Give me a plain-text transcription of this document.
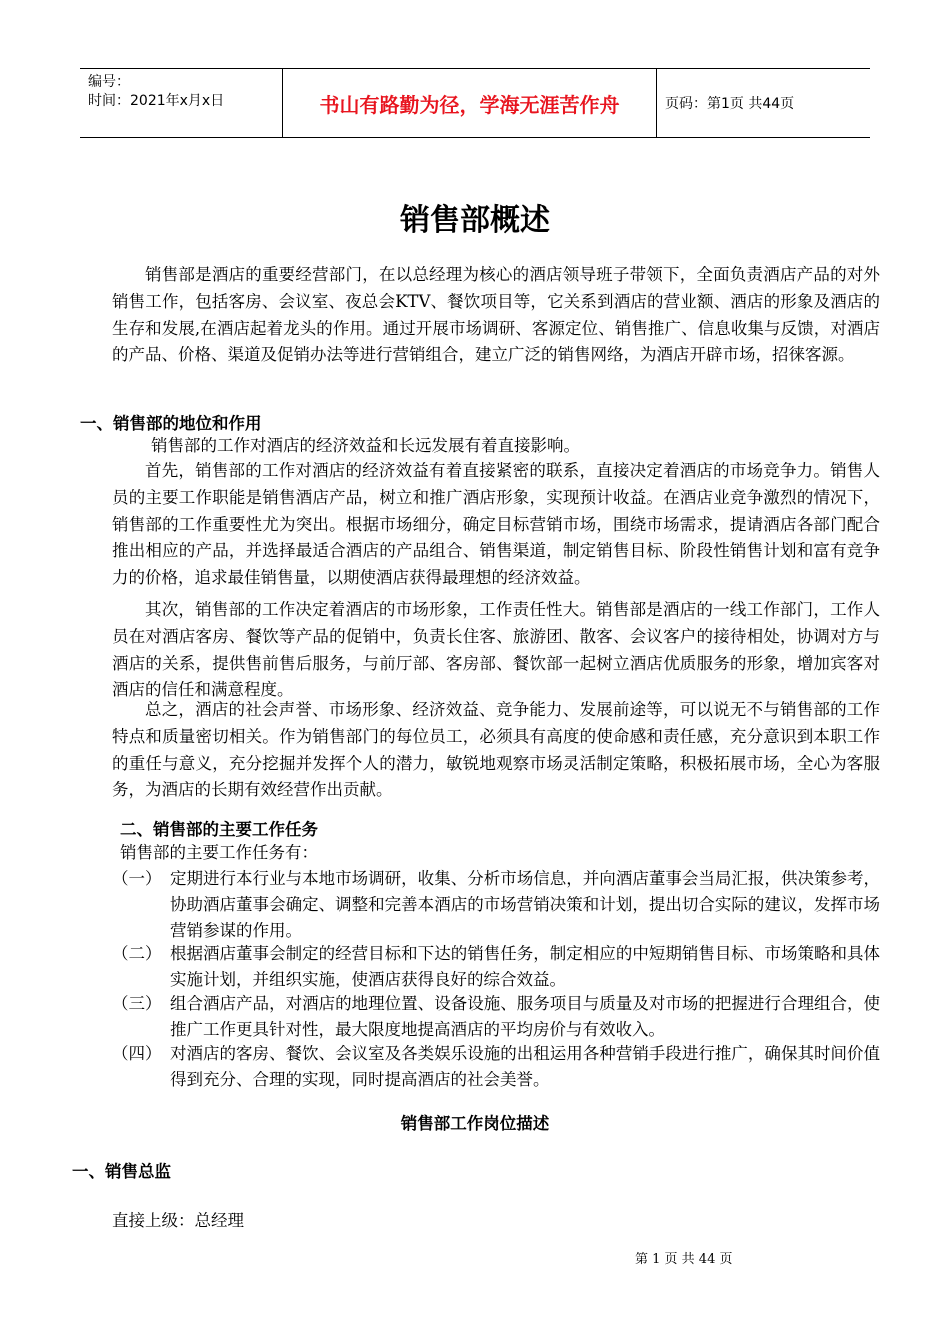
编号：
时间：2021年x月x日	书山有路勤为径，学海无涯苦作舟	页码：第1页 共44页
销售部概述

销售部是酒店的重要经营部门，在以总经理为核心的酒店领导班子带领下，全面负责酒店产品的对外销售工作，包括客房、会议室、夜总会KTV、餐饮项目等，它关系到酒店的营业额、酒店的形象及酒店的生存和发展,在酒店起着龙头的作用。通过开展市场调研、客源定位、销售推广、信息收集与反馈，对酒店的产品、价格、渠道及促销办法等进行营销组合，建立广泛的销售网络，为酒店开辟市场，招徕客源。

一、销售部的地位和作用

销售部的工作对酒店的经济效益和长远发展有着直接影响。

首先，销售部的工作对酒店的经济效益有着直接紧密的联系，直接决定着酒店的市场竞争力。销售人员的主要工作职能是销售酒店产品，树立和推广酒店形象，实现预计收益。在酒店业竞争激烈的情况下，销售部的工作重要性尤为突出。根据市场细分，确定目标营销市场，围绕市场需求，提请酒店各部门配合推出相应的产品，并选择最适合酒店的产品组合、销售渠道，制定销售目标、阶段性销售计划和富有竞争力的价格，追求最佳销售量，以期使酒店获得最理想的经济效益。

其次，销售部的工作决定着酒店的市场形象，工作责任性大。销售部是酒店的一线工作部门，工作人员在对酒店客房、餐饮等产品的促销中，负责长住客、旅游团、散客、会议客户的接待相处，协调对方与酒店的关系，提供售前售后服务，与前厅部、客房部、餐饮部一起树立酒店优质服务的形象，增加宾客对酒店的信任和满意程度。

总之，酒店的社会声誉、市场形象、经济效益、竞争能力、发展前途等，可以说无不与销售部的工作特点和质量密切相关。作为销售部门的每位员工，必须具有高度的使命感和责任感，充分意识到本职工作的重任与意义，充分挖掘并发挥个人的潜力，敏锐地观察市场灵活制定策略，积极拓展市场，全心为客服务，为酒店的长期有效经营作出贡献。

二、销售部的主要工作任务

销售部的主要工作任务有：

（一） 定期进行本行业与本地市场调研，收集、分析市场信息，并向酒店董事会当局汇报，供决策参考，协助酒店董事会确定、调整和完善本酒店的市场营销决策和计划，提出切合实际的建议，发挥市场营销参谋的作用。
（二） 根据酒店董事会制定的经营目标和下达的销售任务，制定相应的中短期销售目标、市场策略和具体实施计划，并组织实施，使酒店获得良好的综合效益。
（三） 组合酒店产品，对酒店的地理位置、设备设施、服务项目与质量及对市场的把握进行合理组合，使推广工作更具针对性，最大限度地提高酒店的平均房价与有效收入。
（四） 对酒店的客房、餐饮、会议室及各类娱乐设施的出租运用各种营销手段进行推广，确保其时间价值得到充分、合理的实现，同时提高酒店的社会美誉。
销售部工作岗位描述
一、销售总监

直接上级：总经理

第 1 页 共 44 页
